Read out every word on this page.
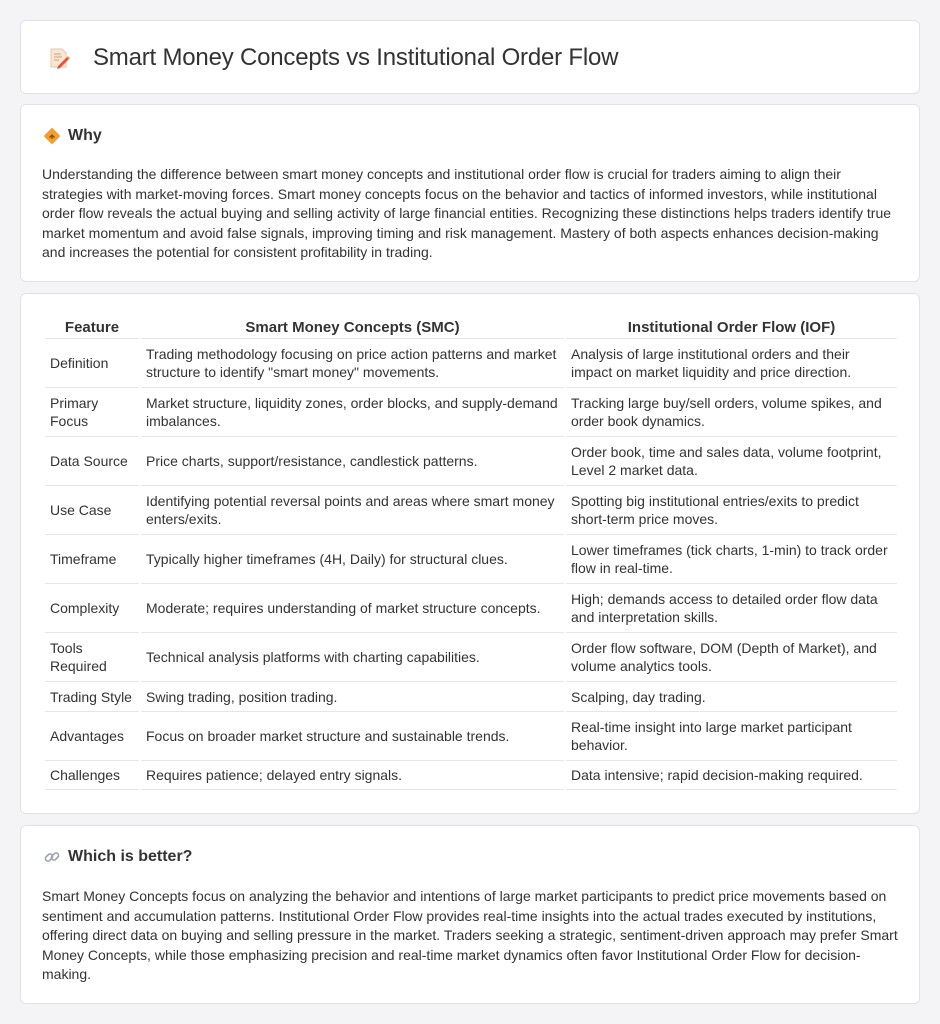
Smart Money Concepts vs Institutional Order Flow
Why

Understanding the difference between smart money concepts and institutional order flow is crucial for traders aiming to align their strategies with market-moving forces. Smart money concepts focus on the behavior and tactics of informed investors, while institutional order flow reveals the actual buying and selling activity of large financial entities. Recognizing these distinctions helps traders identify true market momentum and avoid false signals, improving timing and risk management. Mastery of both aspects enhances decision-making and increases the potential for consistent profitability in trading.

Feature	Smart Money Concepts (SMC)	Institutional Order Flow (IOF)
Definition	Trading methodology focusing on price action patterns and market structure to identify "smart money" movements.	Analysis of large institutional orders and their impact on market liquidity and price direction.
Primary Focus	Market structure, liquidity zones, order blocks, and supply-demand imbalances.	Tracking large buy/sell orders, volume spikes, and order book dynamics.
Data Source	Price charts, support/resistance, candlestick patterns.	Order book, time and sales data, volume footprint, Level 2 market data.
Use Case	Identifying potential reversal points and areas where smart money enters/exits.	Spotting big institutional entries/exits to predict short-term price moves.
Timeframe	Typically higher timeframes (4H, Daily) for structural clues.	Lower timeframes (tick charts, 1-min) to track order flow in real-time.
Complexity	Moderate; requires understanding of market structure concepts.	High; demands access to detailed order flow data and interpretation skills.
Tools Required	Technical analysis platforms with charting capabilities.	Order flow software, DOM (Depth of Market), and volume analytics tools.
Trading Style	Swing trading, position trading.	Scalping, day trading.
Advantages	Focus on broader market structure and sustainable trends.	Real-time insight into large market participant behavior.
Challenges	Requires patience; delayed entry signals.	Data intensive; rapid decision-making required.
Which is better?

Smart Money Concepts focus on analyzing the behavior and intentions of large market participants to predict price movements based on sentiment and accumulation patterns. Institutional Order Flow provides real-time insights into the actual trades executed by institutions, offering direct data on buying and selling pressure in the market. Traders seeking a strategic, sentiment-driven approach may prefer Smart Money Concepts, while those emphasizing precision and real-time market dynamics often favor Institutional Order Flow for decision-making.
